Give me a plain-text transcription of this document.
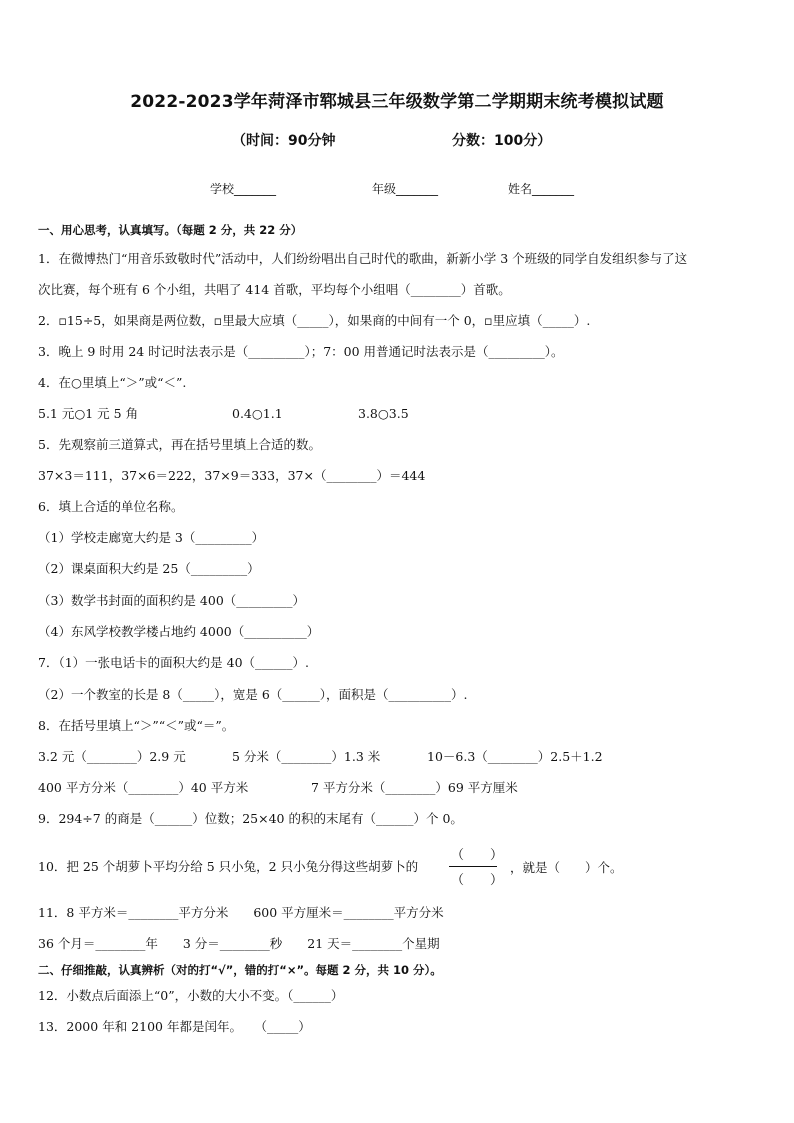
2022-2023学年菏泽市郓城县三年级数学第二学期期末统考模拟试题
（时间：90分钟	分数：100分）
学校_______	年级_______	姓名_______
一、用心思考，认真填写。（每题 2 分，共 22 分）
1．在微博热门“用音乐致敬时代”活动中，人们纷纷唱出自己时代的歌曲，新新小学 3 个班级的同学自发组织参与了这
次比赛，每个班有 6 个小组，共唱了 414 首歌，平均每个小组唱（________）首歌。
2．▫15÷5，如果商是两位数，▫里最大应填（_____），如果商的中间有一个 0，▫里应填（_____）.
3．晚上 9 时用 24 时记时法表示是（_________）；7：00 用普通记时法表示是（_________）。
4．在○里填上“＞”或“＜”.
5.1 元○1 元 5 角	0.4○1.1	3.8○3.5
5．先观察前三道算式，再在括号里填上合适的数。
37×3＝111，37×6＝222，37×9＝333，37×（________）＝444
6．填上合适的单位名称。
（1）学校走廊宽大约是 3（_________）
（2）课桌面积大约是 25（_________）
（3）数学书封面的面积约是 400（_________）
（4）东风学校教学楼占地约 4000（__________）
7．（1）一张电话卡的面积大约是 40（______）.
（2）一个教室的长是 8（_____），宽是 6（______），面积是（__________）.
8．在括号里填上“＞”“＜”或“＝”。
3.2 元（________）2.9 元	5 分米（________）1.3 米	10－6.3（________）2.5＋1.2
400 平方分米（________）40 平方米	7 平方分米（________）69 平方厘米
9．294÷7 的商是（______）位数；25×40 的积的末尾有（______）个 0。
10．把 25 个胡萝卜平均分给 5 只小兔，2 只小兔分得这些胡萝卜的
（　　）
（　　）
，就是（　　）个。
11．8 平方米＝________平方分米　　600 平方厘米＝________平方分米
36 个月＝________年　　3 分＝________秒　　21 天＝________个星期
二、仔细推敲，认真辨析（对的打“√”，错的打“×”。每题 2 分，共 10 分）。
12．小数点后面添上“0”，小数的大小不变。（______）
13．2000 年和 2100 年都是闰年。　　（_____）
